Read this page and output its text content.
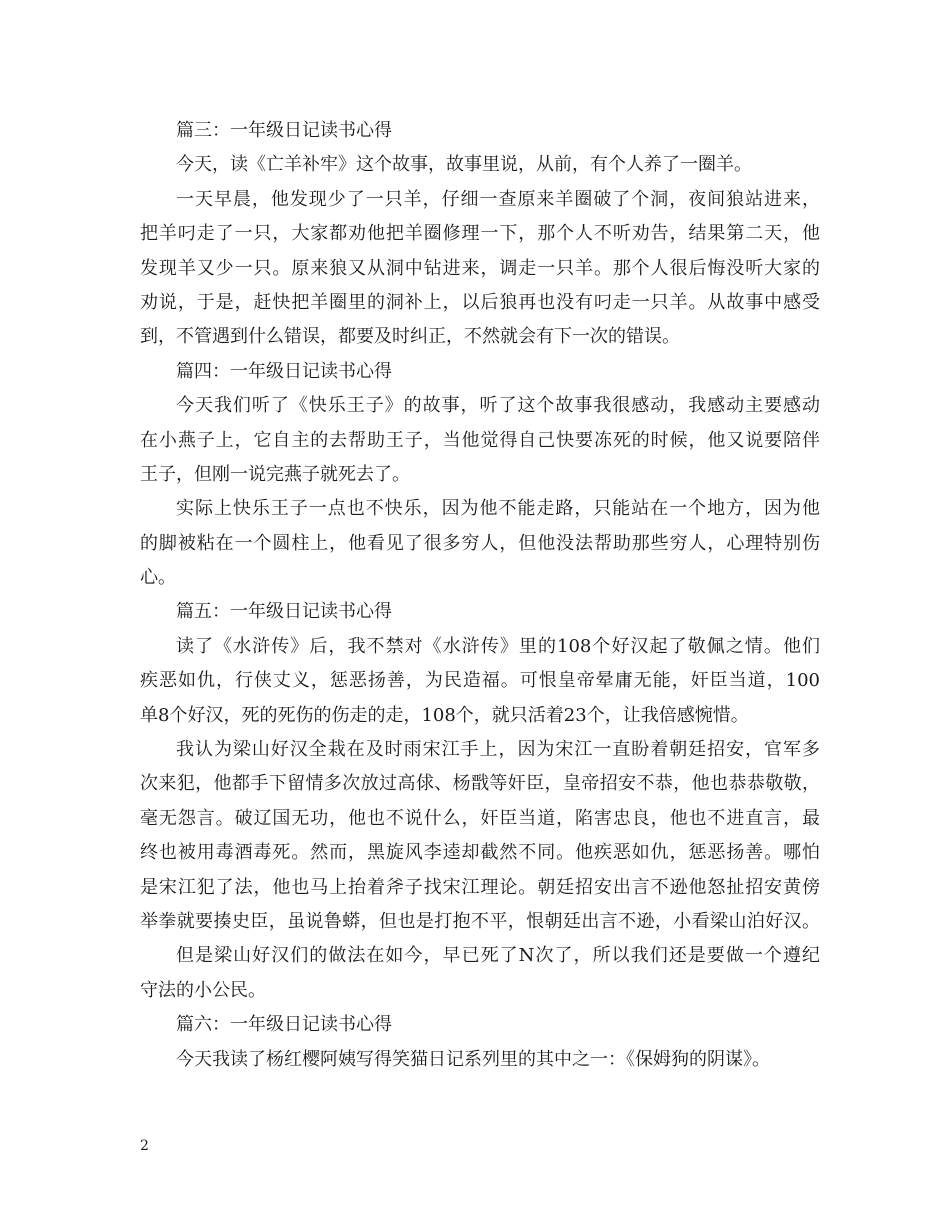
篇三：一年级日记读书心得
今天，读《亡羊补牢》这个故事，故事里说，从前，有个人养了一圈羊。
一天早晨，他发现少了一只羊，仔细一查原来羊圈破了个洞，夜间狼站进来，
把羊叼走了一只，大家都劝他把羊圈修理一下，那个人不听劝告，结果第二天，他
发现羊又少一只。原来狼又从洞中钻进来，调走一只羊。那个人很后悔没听大家的
劝说，于是，赶快把羊圈里的洞补上，以后狼再也没有叼走一只羊。从故事中感受
到，不管遇到什么错误，都要及时纠正，不然就会有下一次的错误。
篇四：一年级日记读书心得
今天我们听了《快乐王子》的故事，听了这个故事我很感动，我感动主要感动
在小燕子上，它自主的去帮助王子，当他觉得自己快要冻死的时候，他又说要陪伴
王子，但刚一说完燕子就死去了。
实际上快乐王子一点也不快乐，因为他不能走路，只能站在一个地方，因为他
的脚被粘在一个圆柱上，他看见了很多穷人，但他没法帮助那些穷人，心理特别伤
心。
篇五：一年级日记读书心得
读了《水浒传》后，我不禁对《水浒传》里的108个好汉起了敬佩之情。他们
疾恶如仇，行侠丈义，惩恶扬善，为民造福。可恨皇帝晕庸无能，奸臣当道，100
单8个好汉，死的死伤的伤走的走，108个，就只活着23个，让我倍感惋惜。
我认为梁山好汉全栽在及时雨宋江手上，因为宋江一直盼着朝廷招安，官军多
次来犯，他都手下留情多次放过高俅、杨戬等奸臣，皇帝招安不恭，他也恭恭敬敬，
毫无怨言。破辽国无功，他也不说什么，奸臣当道，陷害忠良，他也不进直言，最
终也被用毒酒毒死。然而，黑旋风李逵却截然不同。他疾恶如仇，惩恶扬善。哪怕
是宋江犯了法，他也马上抬着斧子找宋江理论。朝廷招安出言不逊他怒扯招安黄傍
举拳就要揍史臣，虽说鲁蟒，但也是打抱不平，恨朝廷出言不逊，小看梁山泊好汉。
但是梁山好汉们的做法在如今，早已死了N次了，所以我们还是要做一个遵纪
守法的小公民。
篇六：一年级日记读书心得
今天我读了杨红樱阿姨写得笑猫日记系列里的其中之一：《保姆狗的阴谋》。
2
